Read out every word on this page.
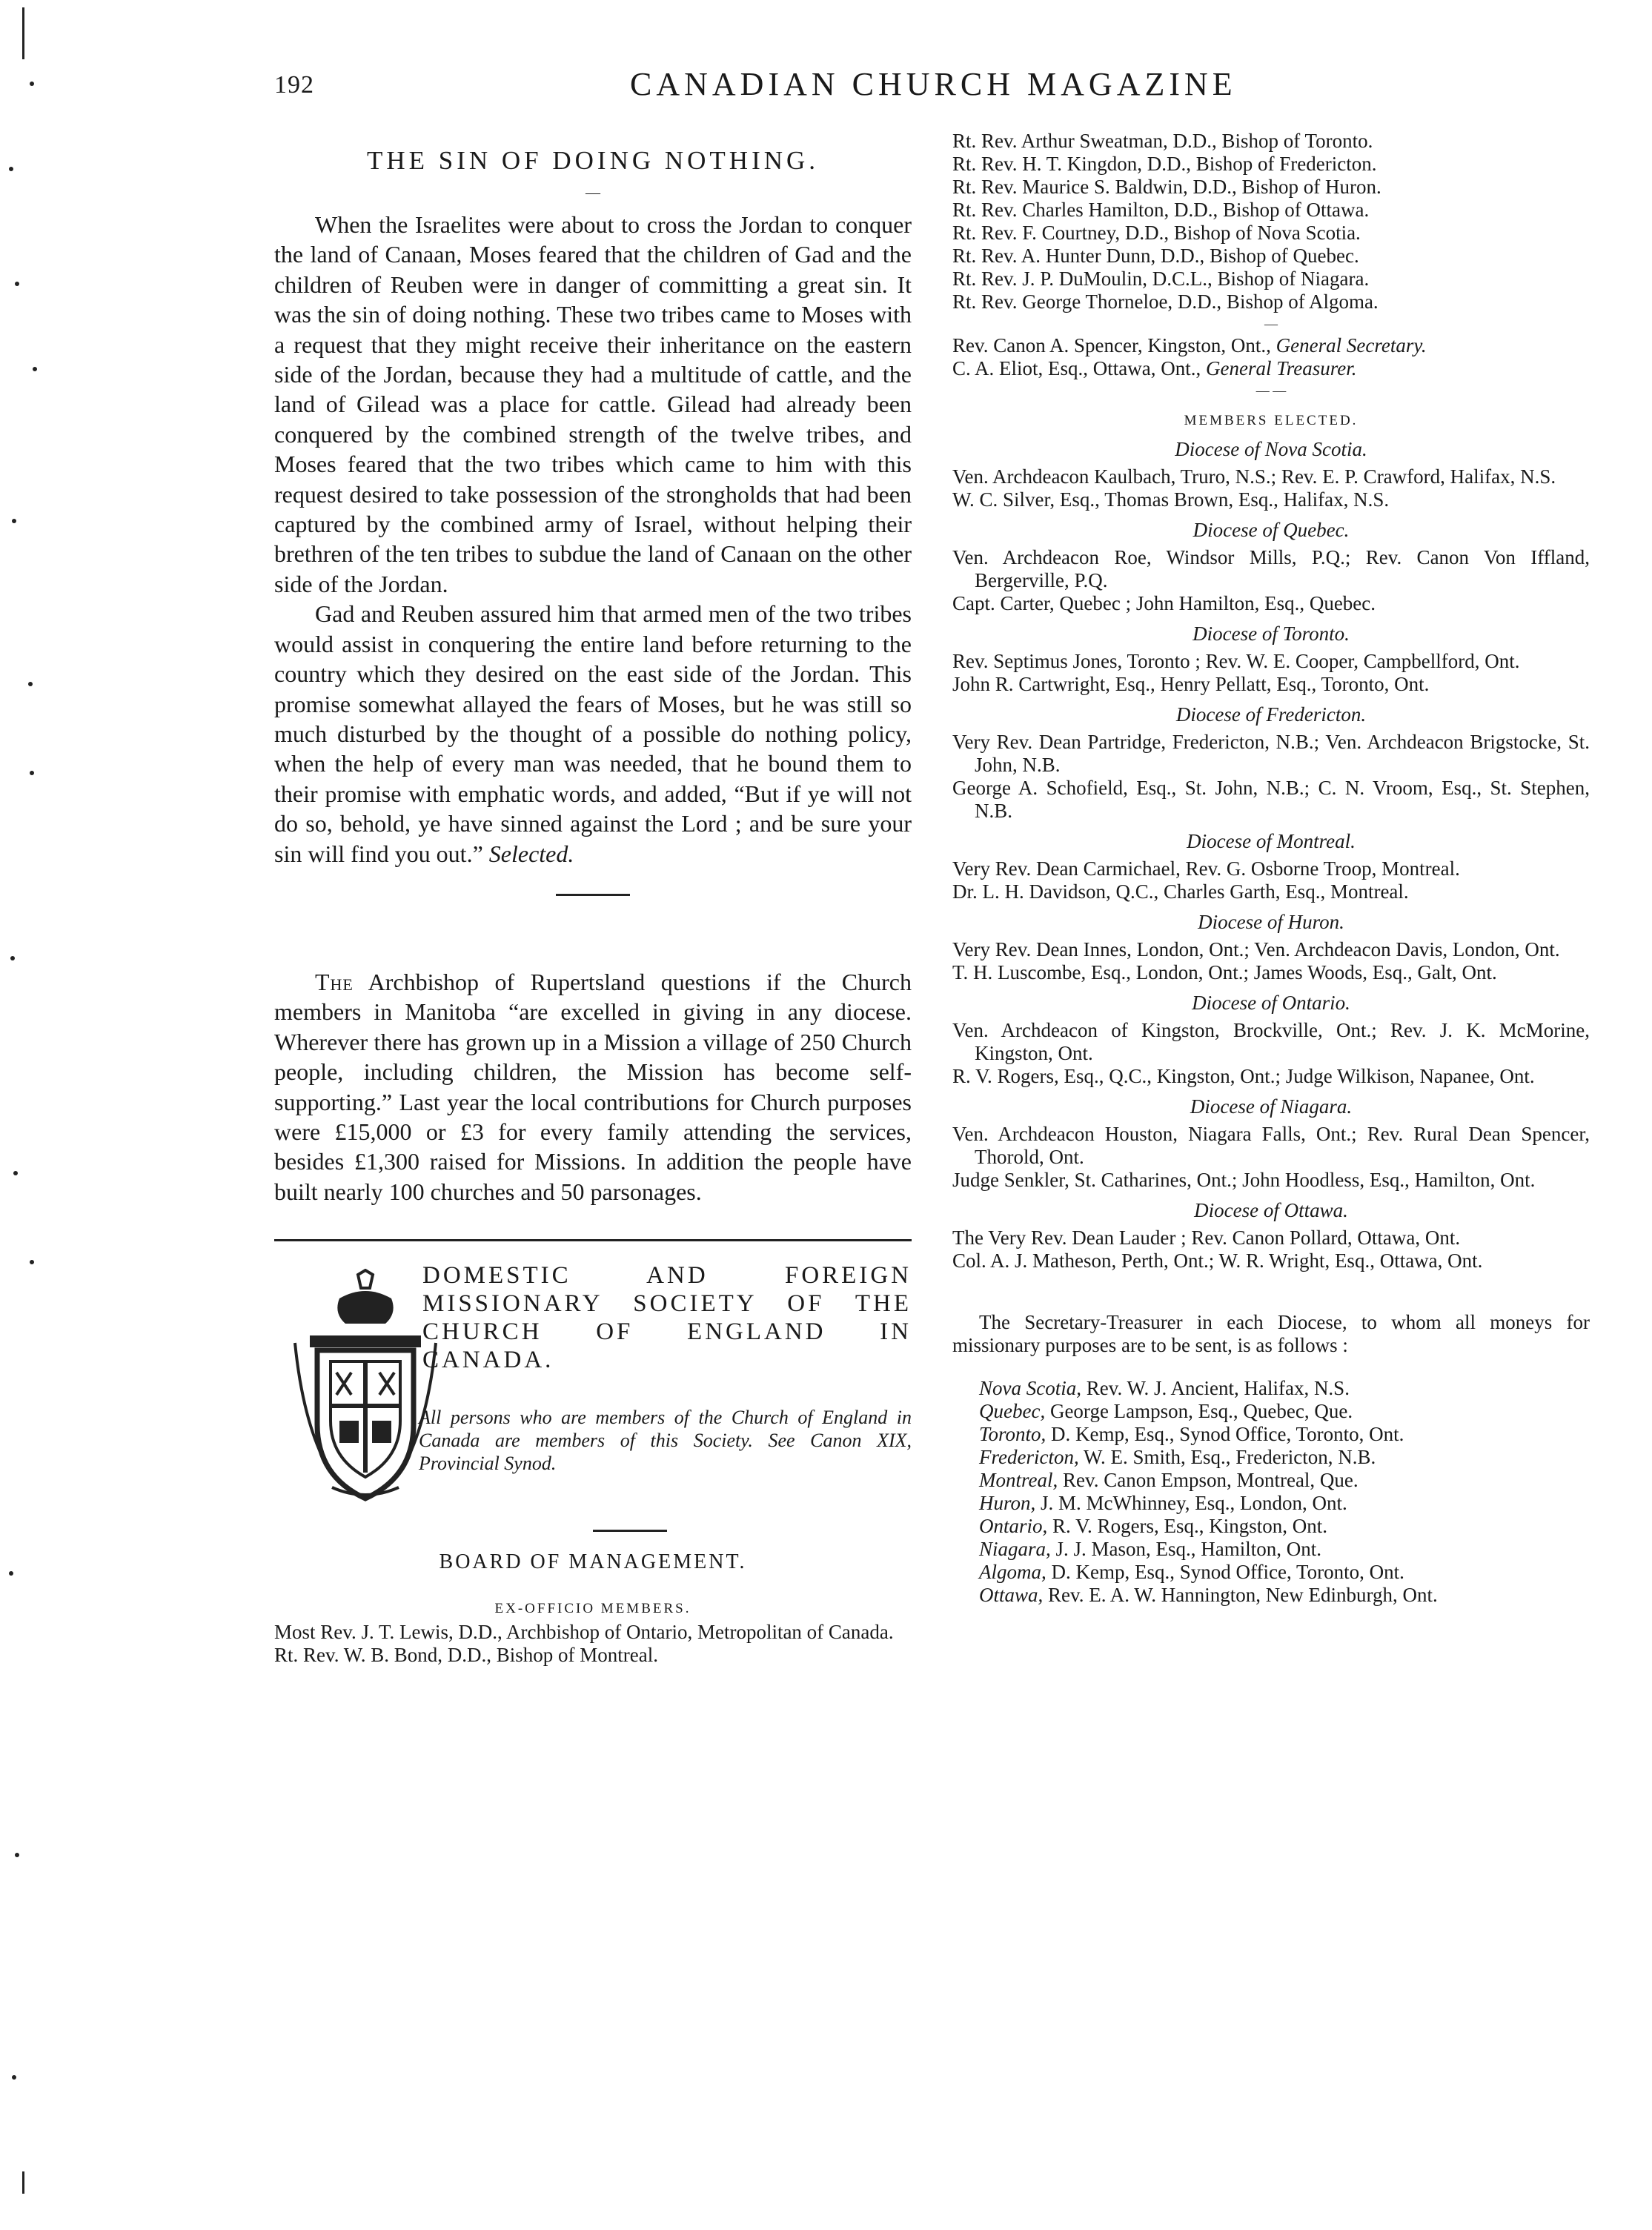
192	CANADIAN CHURCH MAGAZINE
THE SIN OF DOING NOTHING.
—

When the Israelites were about to cross the Jordan to conquer the land of Canaan, Moses feared that the children of Gad and the children of Reuben were in danger of committing a great sin. It was the sin of doing nothing. These two tribes came to Moses with a request that they might receive their inheritance on the eastern side of the Jordan, because they had a multitude of cattle, and the land of Gilead was a place for cattle. Gilead had already been conquered by the combined strength of the twelve tribes, and Moses feared that the two tribes which came to him with this request desired to take possession of the strongholds that had been captured by the combined army of Israel, without helping their brethren of the ten tribes to subdue the land of Canaan on the other side of the Jordan.

Gad and Reuben assured him that armed men of the two tribes would assist in conquering the entire land before returning to the country which they desired on the east side of the Jordan. This promise somewhat allayed the fears of Moses, but he was still so much disturbed by the thought of a possible do nothing policy, when the help of every man was needed, that he bound them to their promise with emphatic words, and added, “But if ye will not do so, behold, ye have sinned against the Lord ; and be sure your sin will find you out.” Selected.

The Archbishop of Rupertsland questions if the Church members in Manitoba “are excelled in giving in any diocese. Wherever there has grown up in a Mission a village of 250 Church people, including children, the Mission has become self-supporting.” Last year the local contributions for Church purposes were £15,000 or £3 for every family attending the services, besides £1,300 raised for Missions. In addition the people have built nearly 100 churches and 50 parsonages.

DOMESTIC AND FOREIGN MISSIONARY SOCIETY OF THE CHURCH OF ENGLAND IN CANADA.
All persons who are members of the Church of England in Canada are members of this Society. See Canon XIX, Provincial Synod.
BOARD OF MANAGEMENT.
EX-OFFICIO MEMBERS.
Most Rev. J. T. Lewis, D.D., Archbishop of Ontario, Metropolitan of Canada.
Rt. Rev. W. B. Bond, D.D., Bishop of Montreal.
Rt. Rev. Arthur Sweatman, D.D., Bishop of Toronto.
Rt. Rev. H. T. Kingdon, D.D., Bishop of Fredericton.
Rt. Rev. Maurice S. Baldwin, D.D., Bishop of Huron.
Rt. Rev. Charles Hamilton, D.D., Bishop of Ottawa.
Rt. Rev. F. Courtney, D.D., Bishop of Nova Scotia.
Rt. Rev. A. Hunter Dunn, D.D., Bishop of Quebec.
Rt. Rev. J. P. DuMoulin, D.C.L., Bishop of Niagara.
Rt. Rev. George Thorneloe, D.D., Bishop of Algoma.
—
Rev. Canon A. Spencer, Kingston, Ont., General Secretary.
C. A. Eliot, Esq., Ottawa, Ont., General Treasurer.
— —
MEMBERS ELECTED.
Diocese of Nova Scotia.
Ven. Archdeacon Kaulbach, Truro, N.S.; Rev. E. P. Crawford, Halifax, N.S.
W. C. Silver, Esq., Thomas Brown, Esq., Halifax, N.S.
Diocese of Quebec.
Ven. Archdeacon Roe, Windsor Mills, P.Q.; Rev. Canon Von Iffland, Bergerville, P.Q.
Capt. Carter, Quebec ; John Hamilton, Esq., Quebec.
Diocese of Toronto.
Rev. Septimus Jones, Toronto ; Rev. W. E. Cooper, Campbellford, Ont.
John R. Cartwright, Esq., Henry Pellatt, Esq., Toronto, Ont.
Diocese of Fredericton.
Very Rev. Dean Partridge, Fredericton, N.B.; Ven. Archdeacon Brigstocke, St. John, N.B.
George A. Schofield, Esq., St. John, N.B.; C. N. Vroom, Esq., St. Stephen, N.B.
Diocese of Montreal.
Very Rev. Dean Carmichael, Rev. G. Osborne Troop, Montreal.
Dr. L. H. Davidson, Q.C., Charles Garth, Esq., Montreal.
Diocese of Huron.
Very Rev. Dean Innes, London, Ont.; Ven. Archdeacon Davis, London, Ont.
T. H. Luscombe, Esq., London, Ont.; James Woods, Esq., Galt, Ont.
Diocese of Ontario.
Ven. Archdeacon of Kingston, Brockville, Ont.; Rev. J. K. McMorine, Kingston, Ont.
R. V. Rogers, Esq., Q.C., Kingston, Ont.; Judge Wilkison, Napanee, Ont.
Diocese of Niagara.
Ven. Archdeacon Houston, Niagara Falls, Ont.; Rev. Rural Dean Spencer, Thorold, Ont.
Judge Senkler, St. Catharines, Ont.; John Hoodless, Esq., Hamilton, Ont.
Diocese of Ottawa.
The Very Rev. Dean Lauder ; Rev. Canon Pollard, Ottawa, Ont.
Col. A. J. Matheson, Perth, Ont.; W. R. Wright, Esq., Ottawa, Ont.

The Secretary-Treasurer in each Diocese, to whom all moneys for missionary purposes are to be sent, is as follows :

Nova Scotia, Rev. W. J. Ancient, Halifax, N.S.
Quebec, George Lampson, Esq., Quebec, Que.
Toronto, D. Kemp, Esq., Synod Office, Toronto, Ont.
Fredericton, W. E. Smith, Esq., Fredericton, N.B.
Montreal, Rev. Canon Empson, Montreal, Que.
Huron, J. M. McWhinney, Esq., London, Ont.
Ontario, R. V. Rogers, Esq., Kingston, Ont.
Niagara, J. J. Mason, Esq., Hamilton, Ont.
Algoma, D. Kemp, Esq., Synod Office, Toronto, Ont.
Ottawa, Rev. E. A. W. Hannington, New Edinburgh, Ont.
